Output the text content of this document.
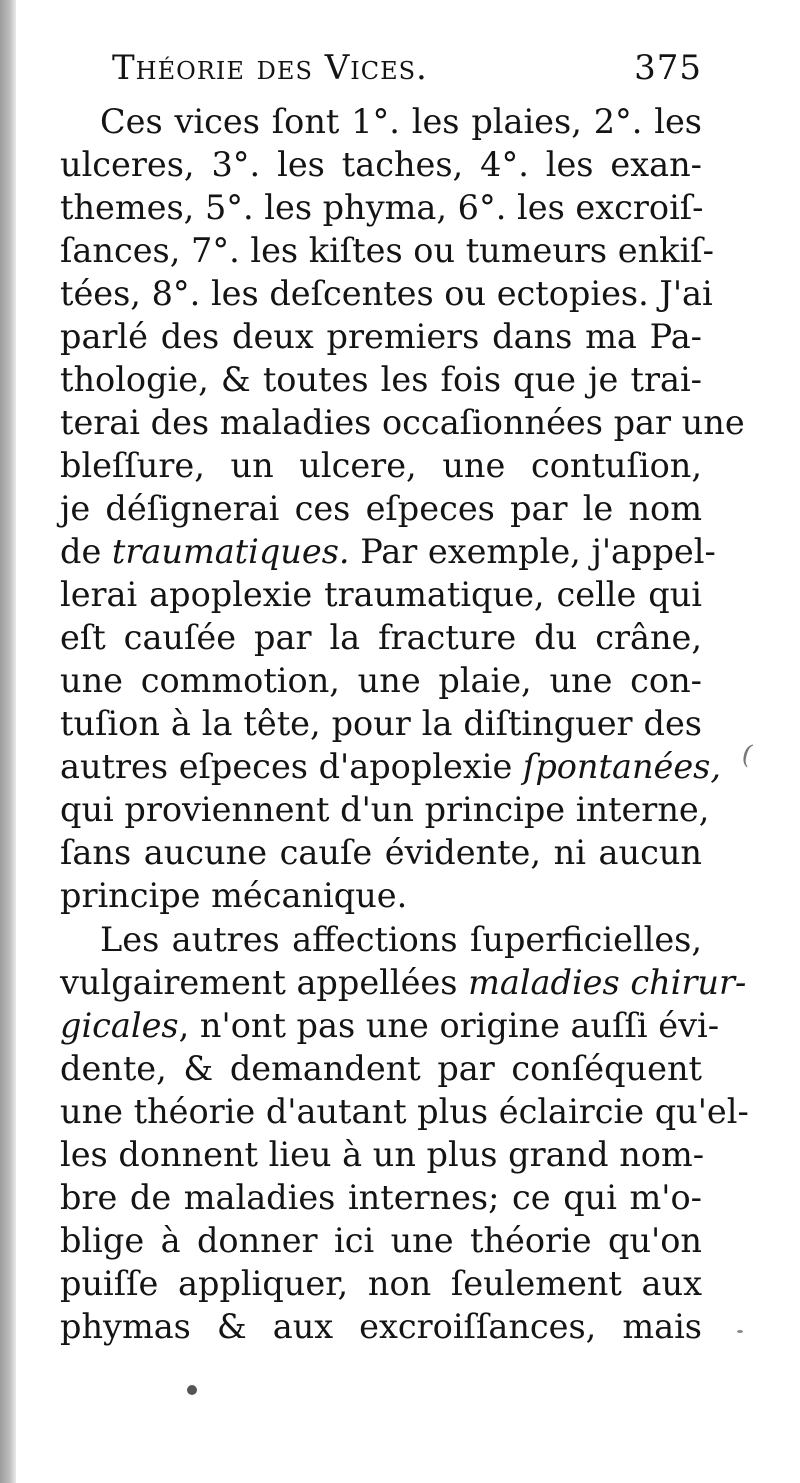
Théorie des Vices.	375
Ces vices ſont 1°. les plaies, 2°. les
ulceres, 3°. les taches, 4°. les exan-
themes, 5°. les phyma, 6°. les excroiſ-
ſances, 7°. les kiſtes ou tumeurs enkiſ-
tées, 8°. les deſcentes ou ectopies. J'ai
parlé des deux premiers dans ma Pa-
thologie, & toutes les fois que je trai-
terai des maladies occaſionnées par une
bleſſure, un ulcere, une contuſion,
je déſignerai ces eſpeces par le nom
de traumatiques. Par exemple, j'appel-
lerai apoplexie traumatique, celle qui
eſt cauſée par la fracture du crâne,
une commotion, une plaie, une con-
tuſion à la tête, pour la diſtinguer des
autres eſpeces d'apoplexie ſpontanées,
qui proviennent d'un principe interne,
ſans aucune cauſe évidente, ni aucun
principe mécanique.
Les autres affections ſuperficielles,
vulgairement appellées maladies chirur-
gicales, n'ont pas une origine auſſi évi-
dente, & demandent par conſéquent
une théorie d'autant plus éclaircie qu'el-
les donnent lieu à un plus grand nom-
bre de maladies internes; ce qui m'o-
blige à donner ici une théorie qu'on
puiſſe appliquer, non ſeulement aux
phymas & aux excroiſſances, mais
(
